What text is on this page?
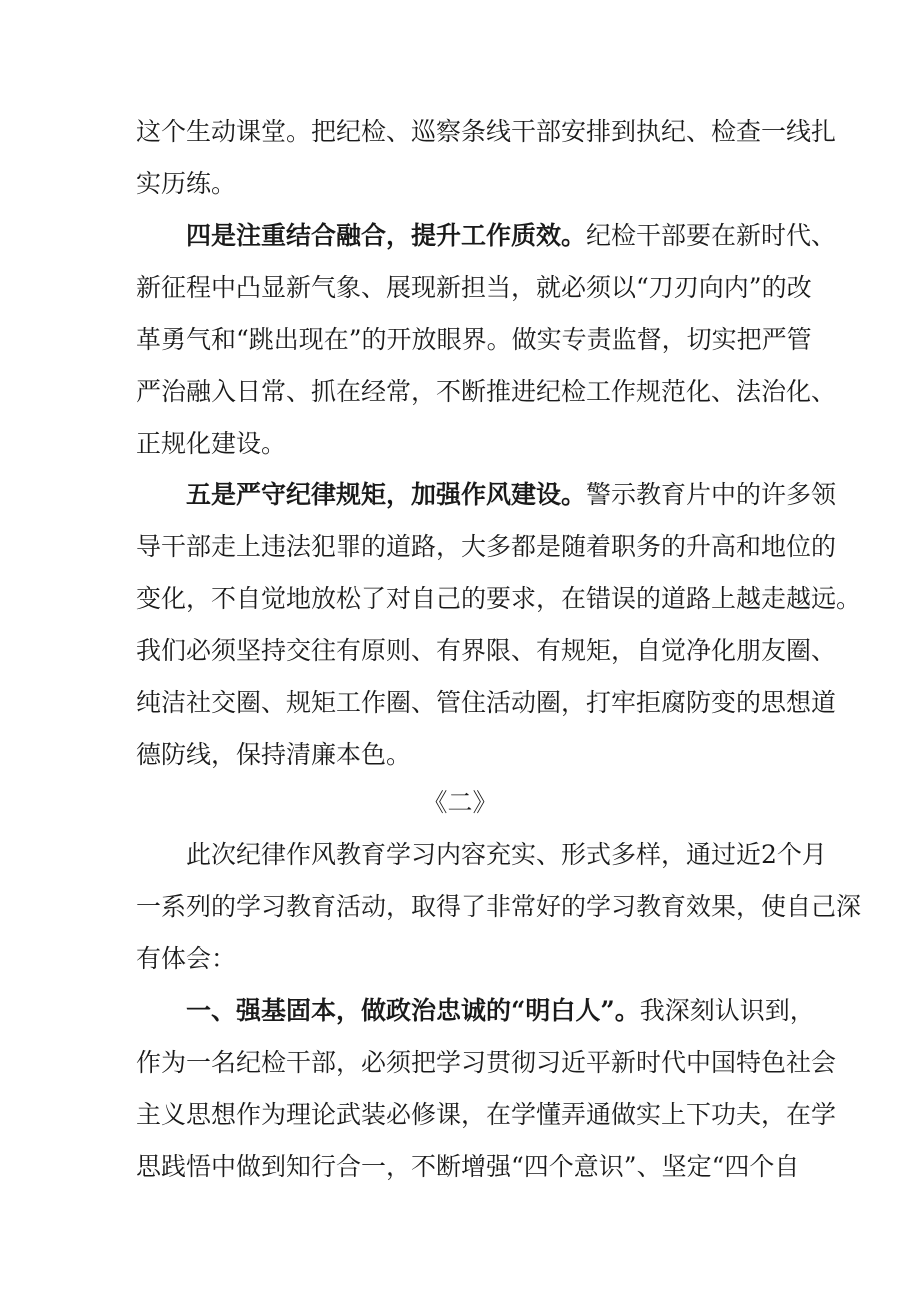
这个生动课堂。把纪检、巡察条线干部安排到执纪、检查一线扎
实历练。
四是注重结合融合，提升工作质效。纪检干部要在新时代、
新征程中凸显新气象、展现新担当，就必须以“刀刃向内”的改
革勇气和“跳出现在”的开放眼界。做实专责监督，切实把严管
严治融入日常、抓在经常，不断推进纪检工作规范化、法治化、
正规化建设。
五是严守纪律规矩，加强作风建设。警示教育片中的许多领
导干部走上违法犯罪的道路，大多都是随着职务的升高和地位的
变化，不自觉地放松了对自己的要求，在错误的道路上越走越远。
我们必须坚持交往有原则、有界限、有规矩，自觉净化朋友圈、
纯洁社交圈、规矩工作圈、管住活动圈，打牢拒腐防变的思想道
德防线，保持清廉本色。
《二》
此次纪律作风教育学习内容充实、形式多样，通过近2个月
一系列的学习教育活动，取得了非常好的学习教育效果，使自己深
有体会：
一、强基固本，做政治忠诚的“明白人”。我深刻认识到，
作为一名纪检干部，必须把学习贯彻习近平新时代中国特色社会
主义思想作为理论武装必修课，在学懂弄通做实上下功夫，在学
思践悟中做到知行合一，不断增强“四个意识”、坚定“四个自
